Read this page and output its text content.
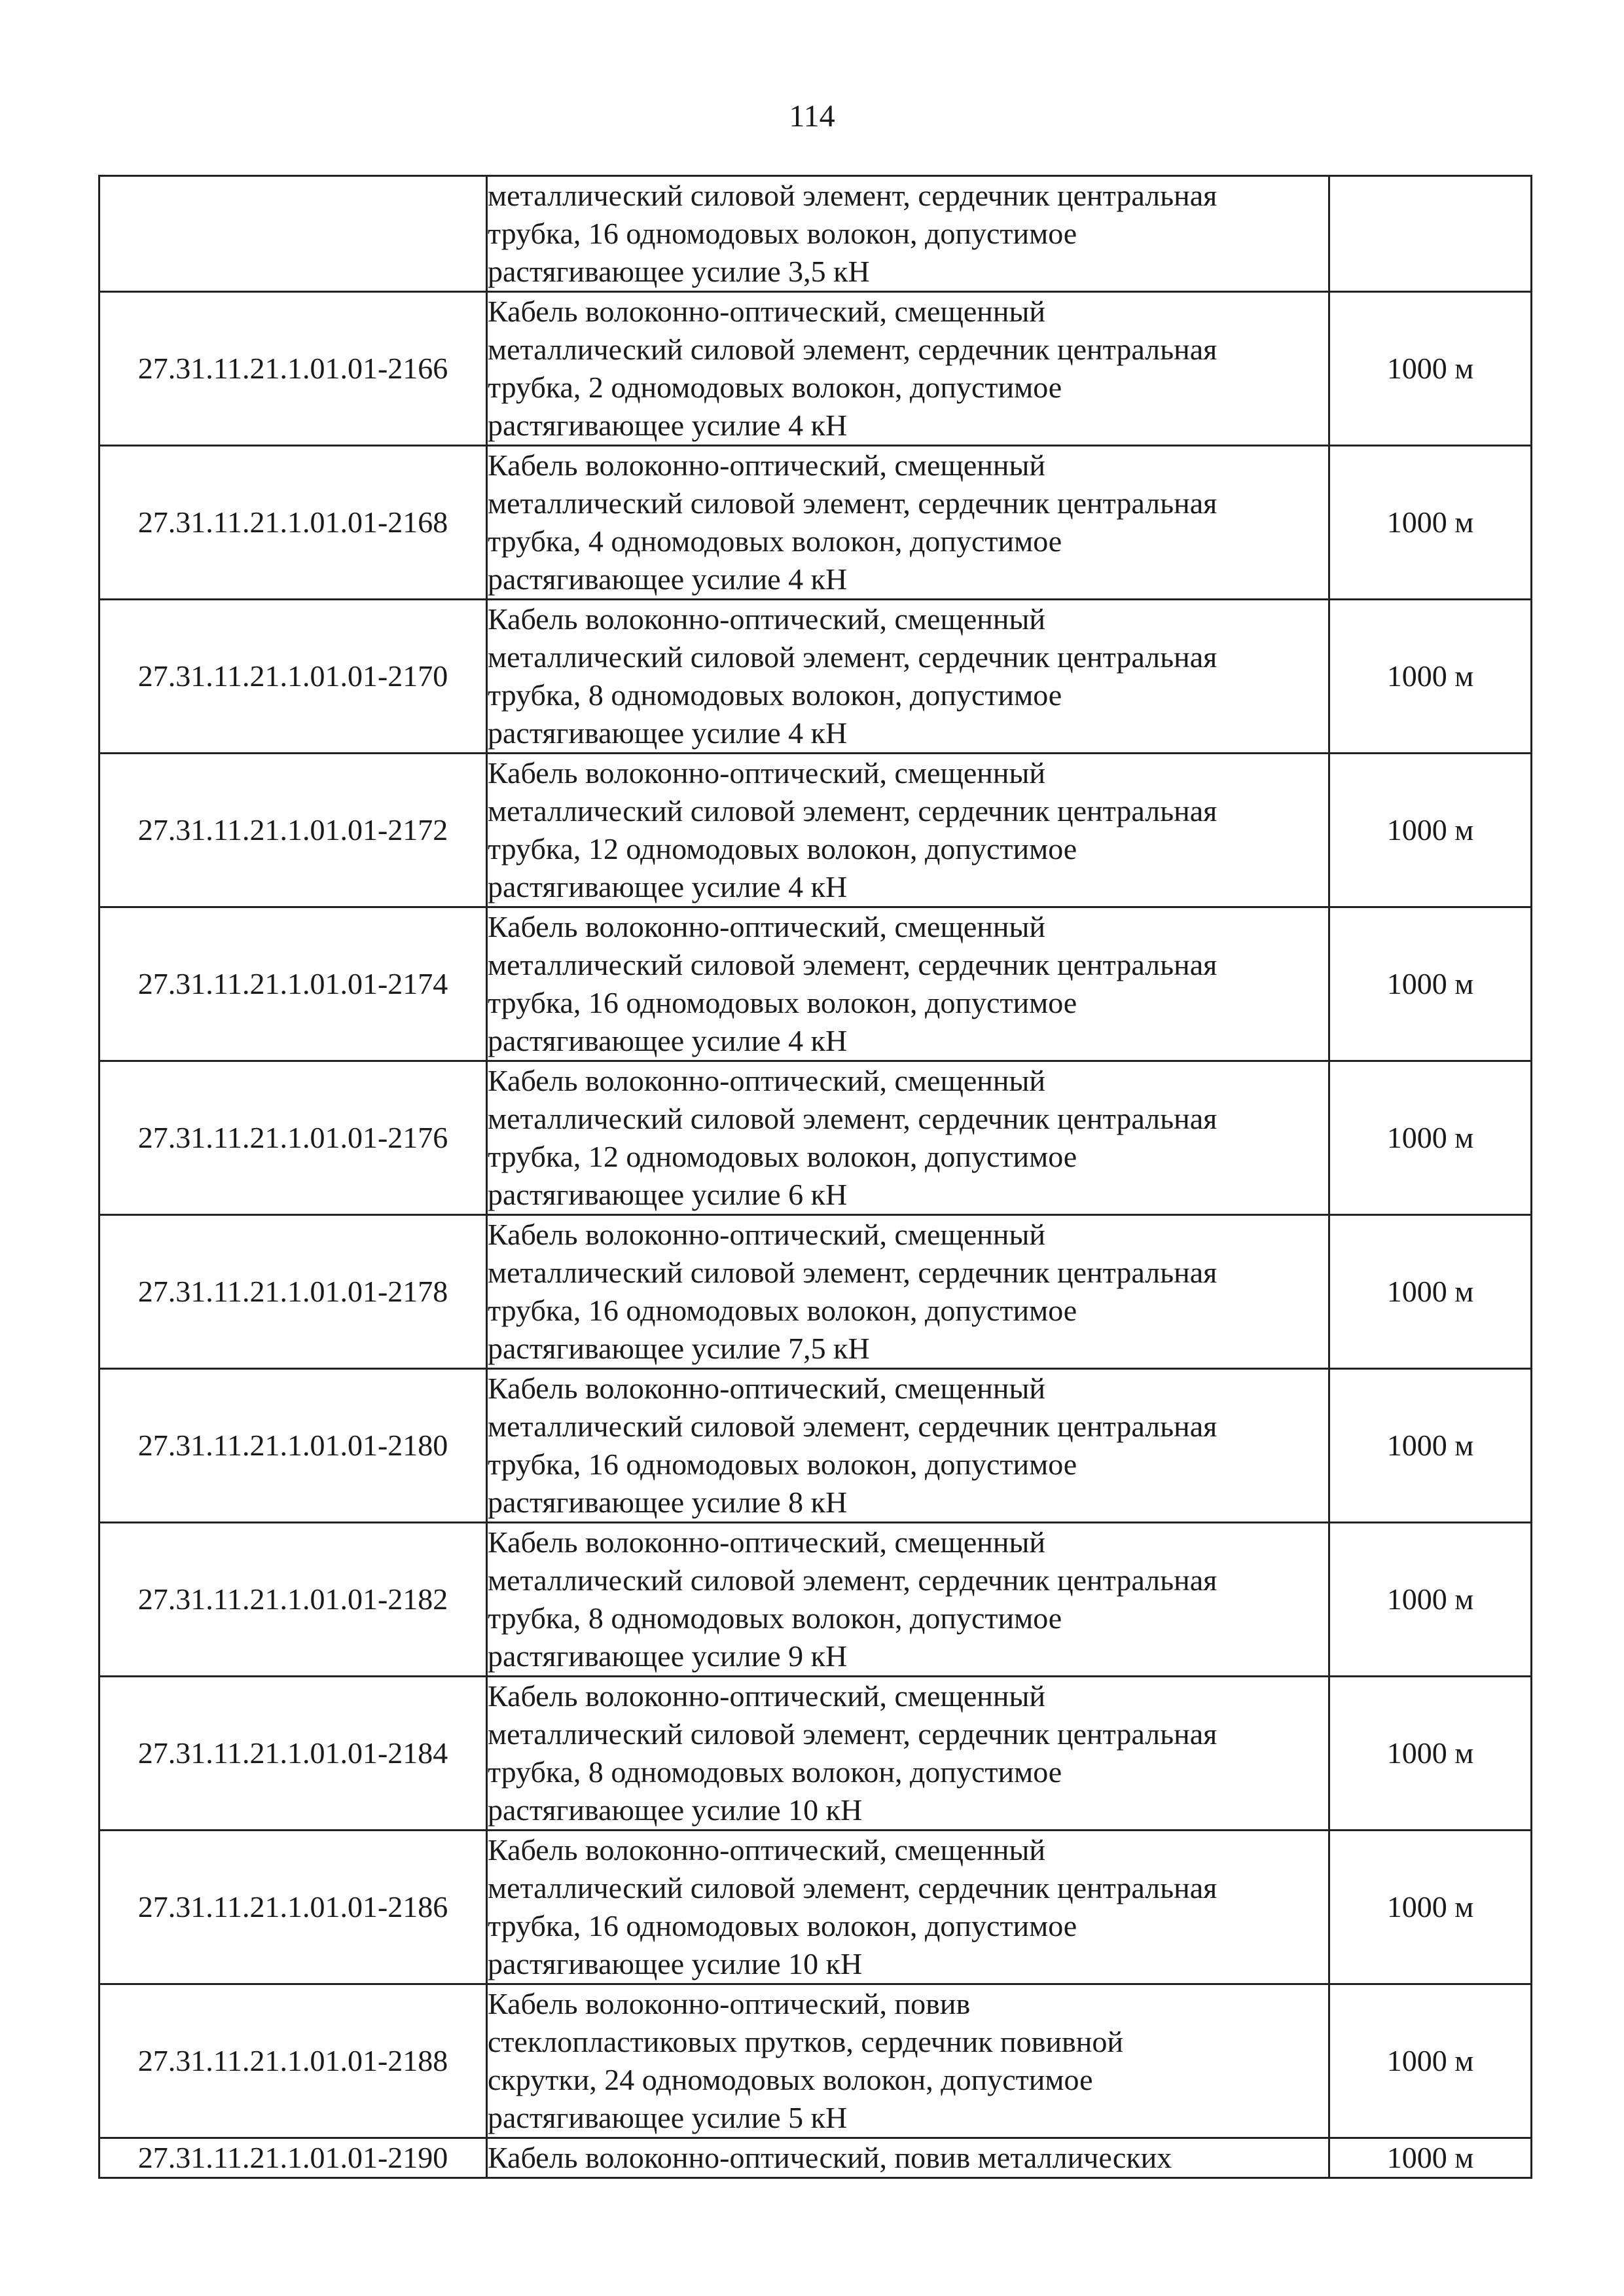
114

	металлический силовой элемент, сердечник центральная
трубка, 16 одномодовых волокон, допустимое
растягивающее усилие 3,5 кН	

27.31.11.21.1.01.01-2166	Кабель волоконно-оптический, смещенный
металлический силовой элемент, сердечник центральная
трубка, 2 одномодовых волокон, допустимое
растягивающее усилие 4 кН	1000 м
27.31.11.21.1.01.01-2168	Кабель волоконно-оптический, смещенный
металлический силовой элемент, сердечник центральная
трубка, 4 одномодовых волокон, допустимое
растягивающее усилие 4 кН	1000 м
27.31.11.21.1.01.01-2170	Кабель волоконно-оптический, смещенный
металлический силовой элемент, сердечник центральная
трубка, 8 одномодовых волокон, допустимое
растягивающее усилие 4 кН	1000 м
27.31.11.21.1.01.01-2172	Кабель волоконно-оптический, смещенный
металлический силовой элемент, сердечник центральная
трубка, 12 одномодовых волокон, допустимое
растягивающее усилие 4 кН	1000 м
27.31.11.21.1.01.01-2174	Кабель волоконно-оптический, смещенный
металлический силовой элемент, сердечник центральная
трубка, 16 одномодовых волокон, допустимое
растягивающее усилие 4 кН	1000 м
27.31.11.21.1.01.01-2176	Кабель волоконно-оптический, смещенный
металлический силовой элемент, сердечник центральная
трубка, 12 одномодовых волокон, допустимое
растягивающее усилие 6 кН	1000 м
27.31.11.21.1.01.01-2178	Кабель волоконно-оптический, смещенный
металлический силовой элемент, сердечник центральная
трубка, 16 одномодовых волокон, допустимое
растягивающее усилие 7,5 кН	1000 м
27.31.11.21.1.01.01-2180	Кабель волоконно-оптический, смещенный
металлический силовой элемент, сердечник центральная
трубка, 16 одномодовых волокон, допустимое
растягивающее усилие 8 кН	1000 м
27.31.11.21.1.01.01-2182	Кабель волоконно-оптический, смещенный
металлический силовой элемент, сердечник центральная
трубка, 8 одномодовых волокон, допустимое
растягивающее усилие 9 кН	1000 м
27.31.11.21.1.01.01-2184	Кабель волоконно-оптический, смещенный
металлический силовой элемент, сердечник центральная
трубка, 8 одномодовых волокон, допустимое
растягивающее усилие 10 кН	1000 м
27.31.11.21.1.01.01-2186	Кабель волоконно-оптический, смещенный
металлический силовой элемент, сердечник центральная
трубка, 16 одномодовых волокон, допустимое
растягивающее усилие 10 кН	1000 м
27.31.11.21.1.01.01-2188	Кабель волоконно-оптический, повив
стеклопластиковых прутков, сердечник повивной
скрутки, 24 одномодовых волокон, допустимое
растягивающее усилие 5 кН	1000 м
27.31.11.21.1.01.01-2190	Кабель волоконно-оптический, повив металлических	1000 м
